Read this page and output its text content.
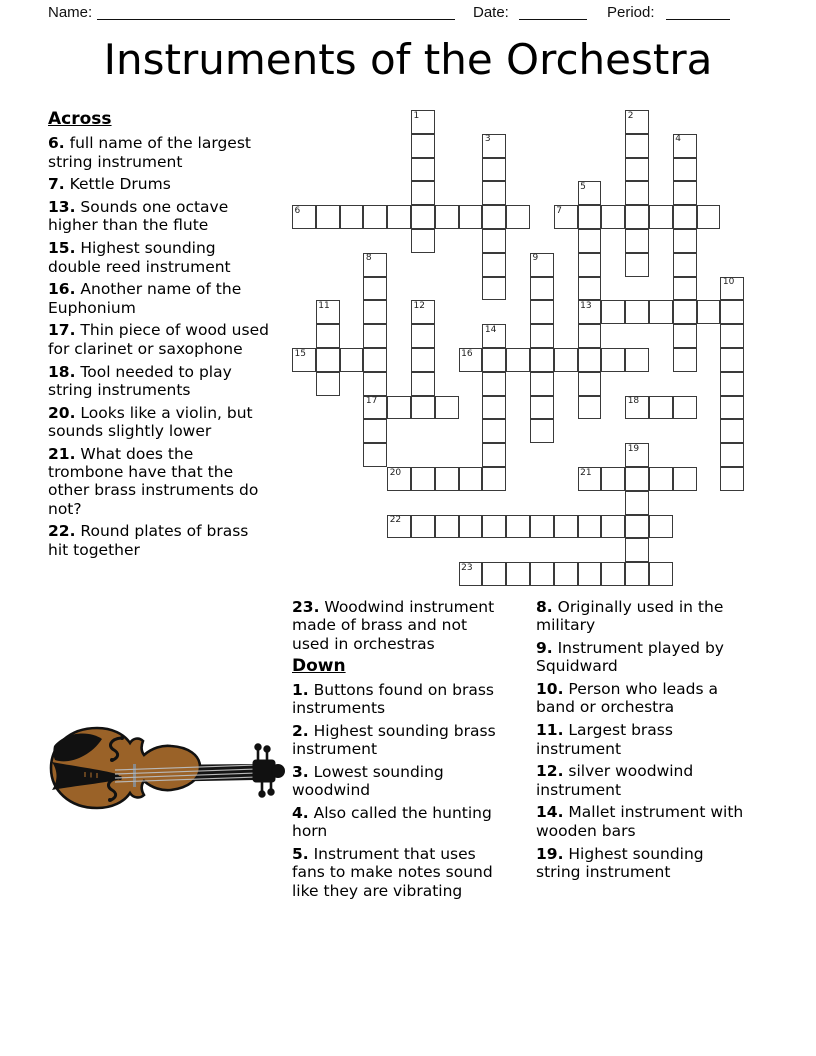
Name:	Date:	Period:
Instruments of the Orchestra
Across

6. full name of the largest string instrument

7. Kettle Drums

13. Sounds one octave higher than the flute

15. Highest sounding double reed instrument

16. Another name of the Euphonium

17. Thin piece of wood used for clarinet or saxophone

18. Tool needed to play string instruments

20. Looks like a violin, but sounds slightly lower

21. What does the trombone have that the other brass instruments do not?

22. Round plates of brass hit together

6	7
13
15	16
17	18
20	21
22
23
1	2
3	4
5
8	9
10
11	12
14
19

23. Woodwind instrument made of brass and not used in orchestras

Down

1. Buttons found on brass instruments

2. Highest sounding brass instrument

3. Lowest sounding woodwind

4. Also called the hunting horn

5. Instrument that uses fans to make notes sound like they are vibrating

8. Originally used in the military

9. Instrument played by Squidward

10. Person who leads a band or orchestra

11. Largest brass instrument

12. silver woodwind instrument

14. Mallet instrument with wooden bars

19. Highest sounding string instrument
